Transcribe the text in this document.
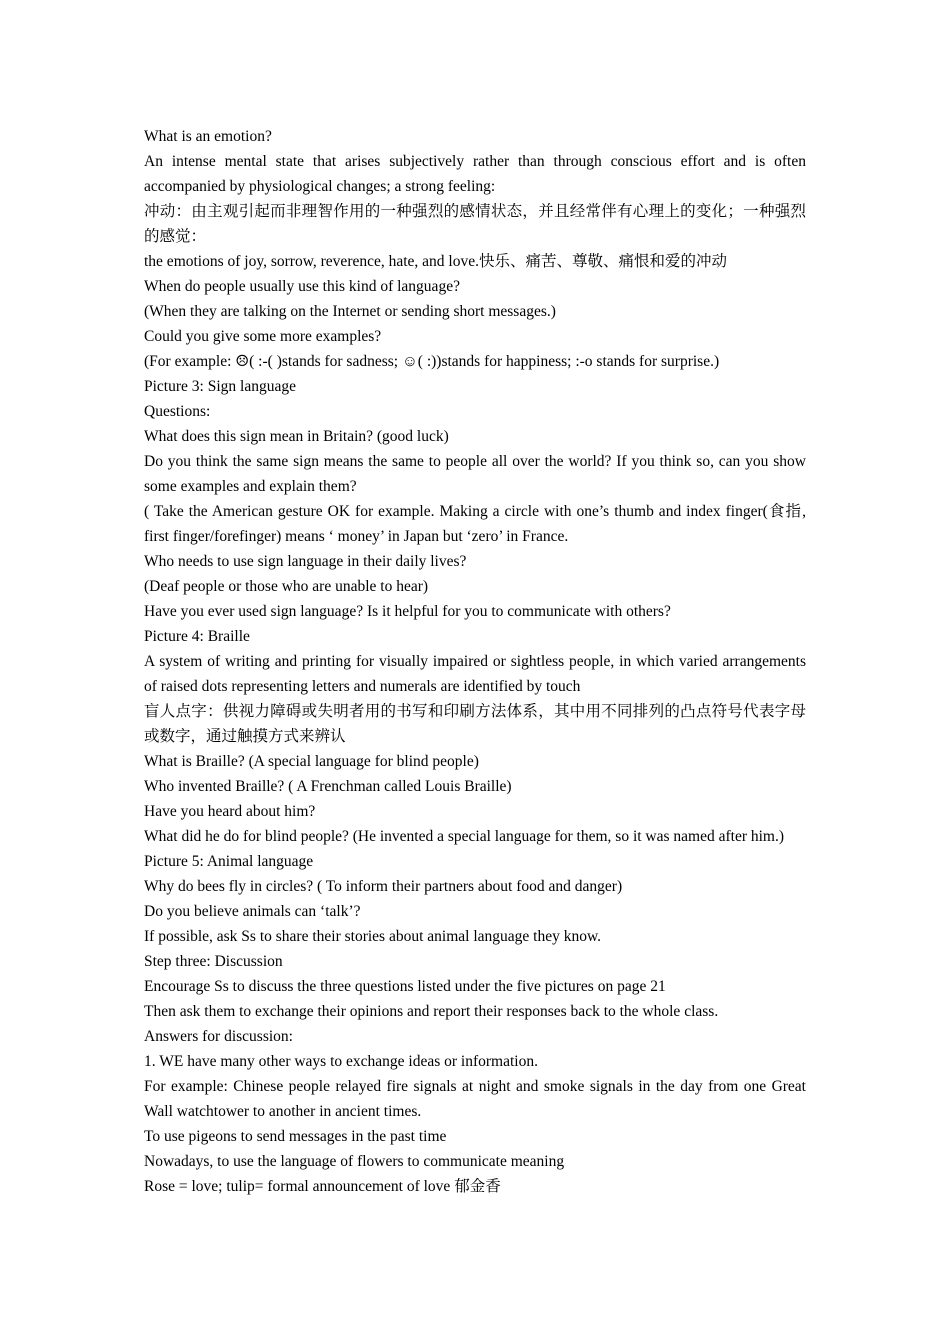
What is an emotion?

An intense mental state that arises subjectively rather than through conscious effort and is often accompanied by physiological changes; a strong feeling:

冲动：由主观引起而非理智作用的一种强烈的感情状态，并且经常伴有心理上的变化；一种强烈的感觉：

the emotions of joy, sorrow, reverence, hate, and love.快乐、痛苦、尊敬、痛恨和爱的冲动

When do people usually use this kind of language?

(When they are talking on the Internet or sending short messages.)

Could you give some more examples?

(For example: ☹( :-( )stands for sadness; ☺( :))stands for happiness; :-o stands for surprise.)

Picture 3: Sign language

Questions:

What does this sign mean in Britain? (good luck)

Do you think the same sign means the same to people all over the world? If you think so, can you show some examples and explain them?

( Take the American gesture OK for example. Making a circle with one’s thumb and index finger(食指, first finger/forefinger) means ‘ money’ in Japan but ‘zero’ in France.

Who needs to use sign language in their daily lives?

(Deaf people or those who are unable to hear)

Have you ever used sign language? Is it helpful for you to communicate with others?

Picture 4: Braille

A system of writing and printing for visually impaired or sightless people, in which varied arrangements of raised dots representing letters and numerals are identified by touch

盲人点字：供视力障碍或失明者用的书写和印刷方法体系，其中用不同排列的凸点符号代表字母或数字，通过触摸方式来辨认

What is Braille? (A special language for blind people)

Who invented Braille? ( A Frenchman called Louis Braille)

Have you heard about him?

What did he do for blind people? (He invented a special language for them, so it was named after him.)

Picture 5: Animal language

Why do bees fly in circles? ( To inform their partners about food and danger)

Do you believe animals can ‘talk’?

If possible, ask Ss to share their stories about animal language they know.

Step three: Discussion

Encourage Ss to discuss the three questions listed under the five pictures on page 21

Then ask them to exchange their opinions and report their responses back to the whole class.

Answers for discussion:

1. WE have many other ways to exchange ideas or information.

For example: Chinese people relayed fire signals at night and smoke signals in the day from one Great Wall watchtower to another in ancient times.

To use pigeons to send messages in the past time

Nowadays, to use the language of flowers to communicate meaning

Rose = love; tulip= formal announcement of love 郁金香
